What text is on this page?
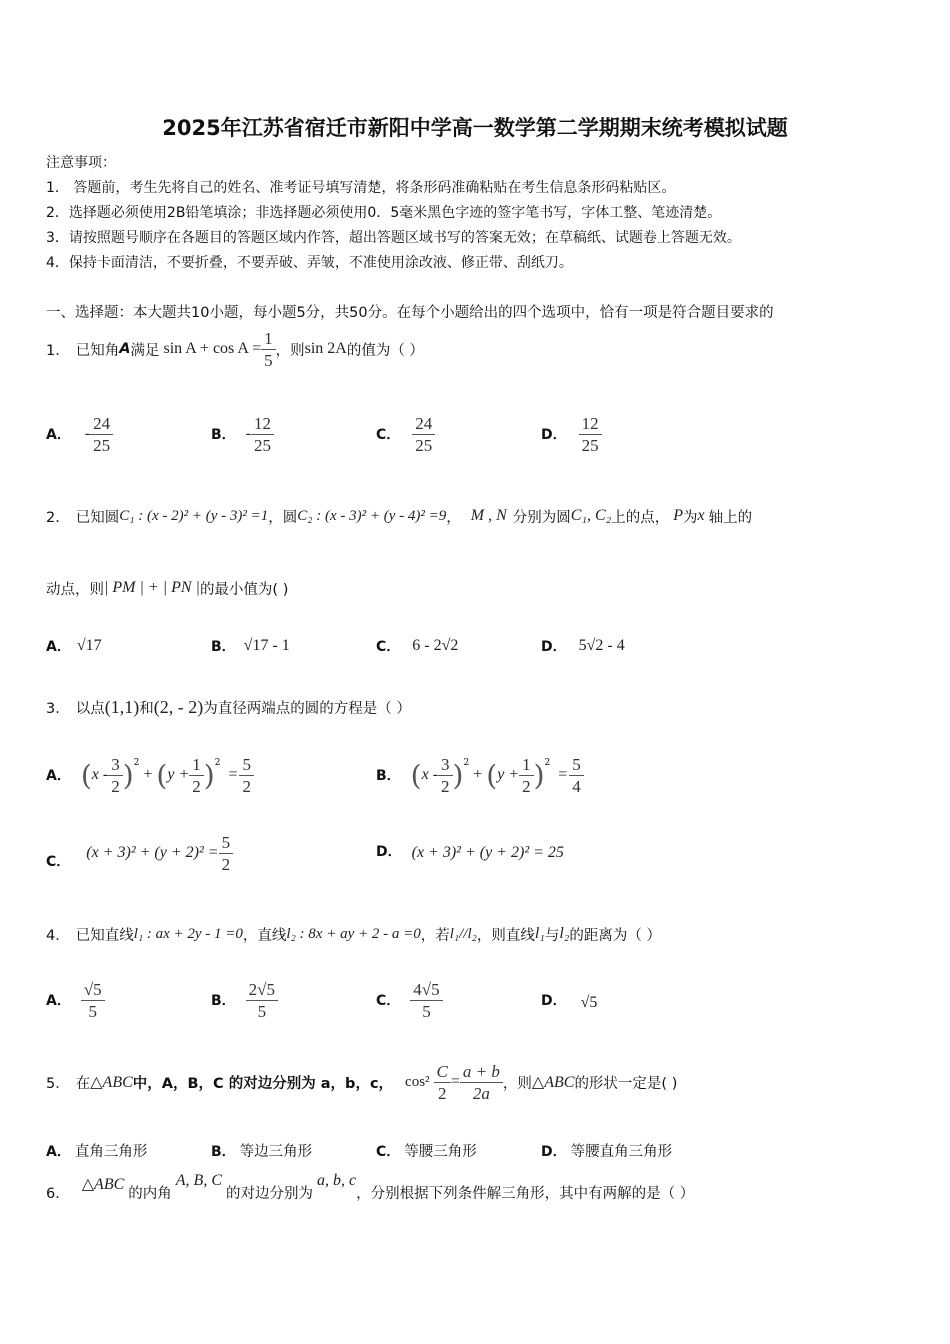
2025年江苏省宿迁市新阳中学高一数学第二学期期末统考模拟试题
注意事项：
1． 答题前，考生先将自己的姓名、准考证号填写清楚，将条形码准确粘贴在考生信息条形码粘贴区。
2．选择题必须使用2B铅笔填涂；非选择题必须使用0．5毫米黑色字迹的签字笔书写，字体工整、笔迹清楚。
3．请按照题号顺序在各题目的答题区域内作答，超出答题区域书写的答案无效；在草稿纸、试题卷上答题无效。
4．保持卡面清洁，不要折叠，不要弄破、弄皱，不准使用涂改液、修正带、刮纸刀。
一、选择题：本大题共10小题，每小题5分，共50分。在每个小题给出的四个选项中，恰有一项是符合题目要求的
1． 已知角 A 满足 $\sin A + \cos A = \frac{1}{5}$ ，则 sin 2A 的值为（ ）
A． - $\frac{24}{25}$	B． - $\frac{12}{25}$	C． $\frac{24}{25}$	D． $\frac{12}{25}$
2． 已知圆 C₁ : (x - 2)² + (y - 3)² =1 ，圆 C₂ : (x - 3)² + (y - 4)² =9 ， M , N 分别为圆 C₁, C₂ 上的点， P 为 x 轴上的
动点，则 | PM | + | PN | 的最小值为( )
A． √17	B． √17 - 1	C． 6 - 2√2	D． 5√2 - 4
3． 以点 (1,1) 和 (2, - 2) 为直径两端点的圆的方程是（ ）
A． ( x - $\frac{3}{2} )^2$
+ ( $y + \frac{1}{2} )^2$
= $\frac{5}{2}$	B． ( x - $\frac{3}{2} )^2$
+ ( $y + \frac{1}{2} )^2$
= $\frac{5}{4}$
C．
$(x + 3)^2 + (y + 2)^2 = \frac{5}{2}$	D． (x + 3)² + (y + 2)² = 25
4． 已知直线 l₁ : ax + 2y - 1 =0 ，直线 l₂ : 8x + ay + 2 - a =0 ，若 l₁//l₂ ，则直线 l₁ 与 l₂ 的距离为（ ）
A． $\frac{√5}{5}$	B． $\frac{2√5}{5}$	C． $\frac{4√5}{5}$	D． √5
5． 在 △ABC 中，A，B，C 的对边分别为 a，b，c， $\cos^2 \frac{C}{2} = \frac{a + b}{2a}$ ，则 △ABC 的形状一定是( )
A． 直角三角形	B． 等边三角形	C． 等腰三角形	D． 等腰直角三角形
6．
△ABC
的内角
A, B, C
的对边分别为
a, b, c
，分别根据下列条件解三角形，其中有两解的是（ ）
